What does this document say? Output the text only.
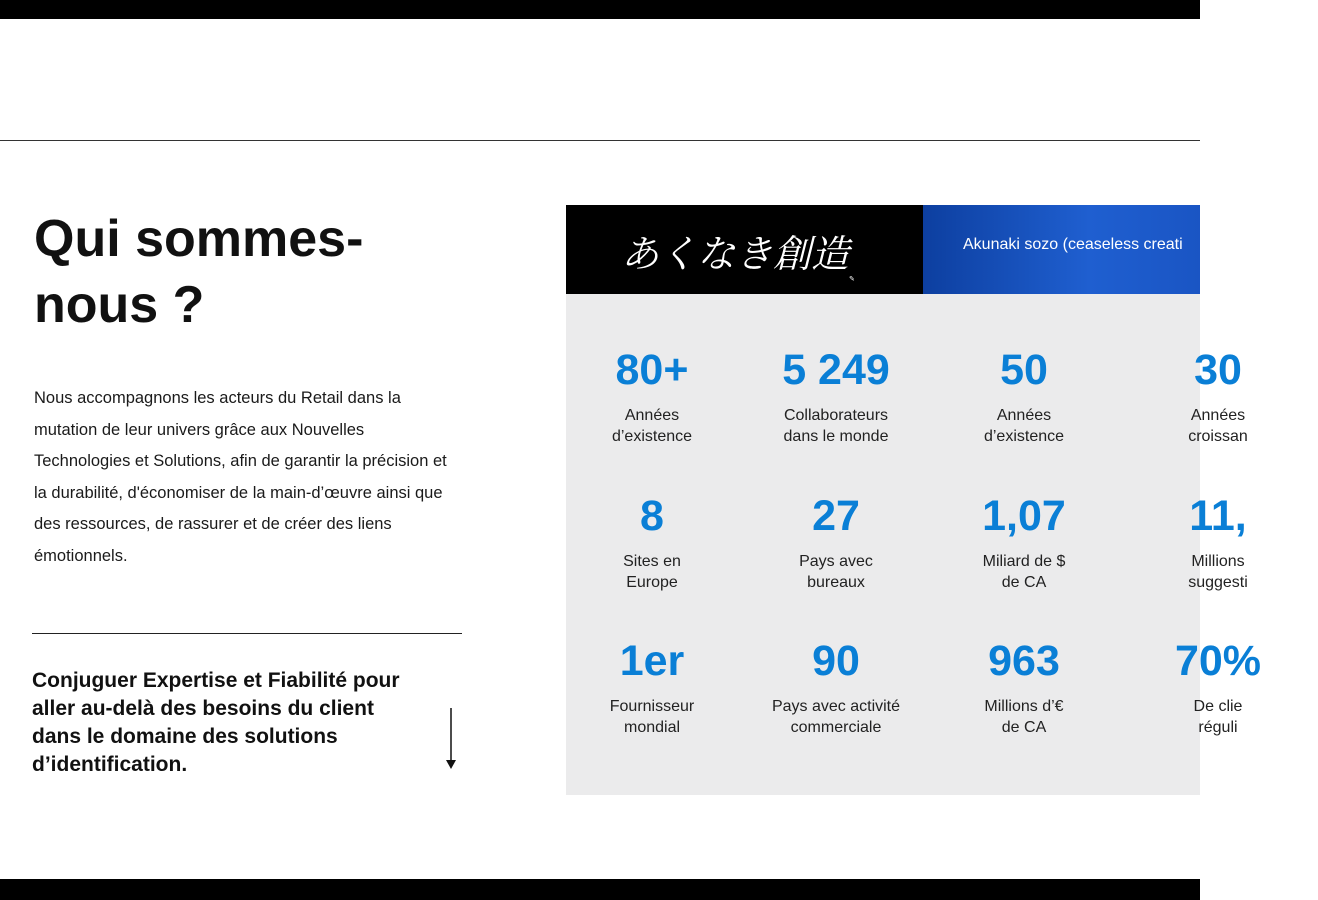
Qui sommes-
nous ?

Nous accompagnons les acteurs du Retail dans la mutation de leur univers grâce aux Nouvelles Technologies et Solutions, afin de garantir la précision et la durabilité, d'économiser de la main-d’œuvre ainsi que des ressources, de rassurer et de créer des liens émotionnels.

Conjuguer Expertise et Fiabilité pour aller au-delà des besoins du client dans le domaine des solutions d’identification.

あくなき創造
✎
Akunaki sozo (ceaseless creati
80+
Années
d’existence
5 249
Collaborateurs
dans le monde
50
Années
d’existence
30
Années
croissan
8
Sites en
Europe
27
Pays avec
bureaux
1,07
Miliard de $
de CA
11,
Millions
suggesti
1er
Fournisseur
mondial
90
Pays avec activité
commerciale
963
Millions d’€
de CA
70%
De clie
réguli
